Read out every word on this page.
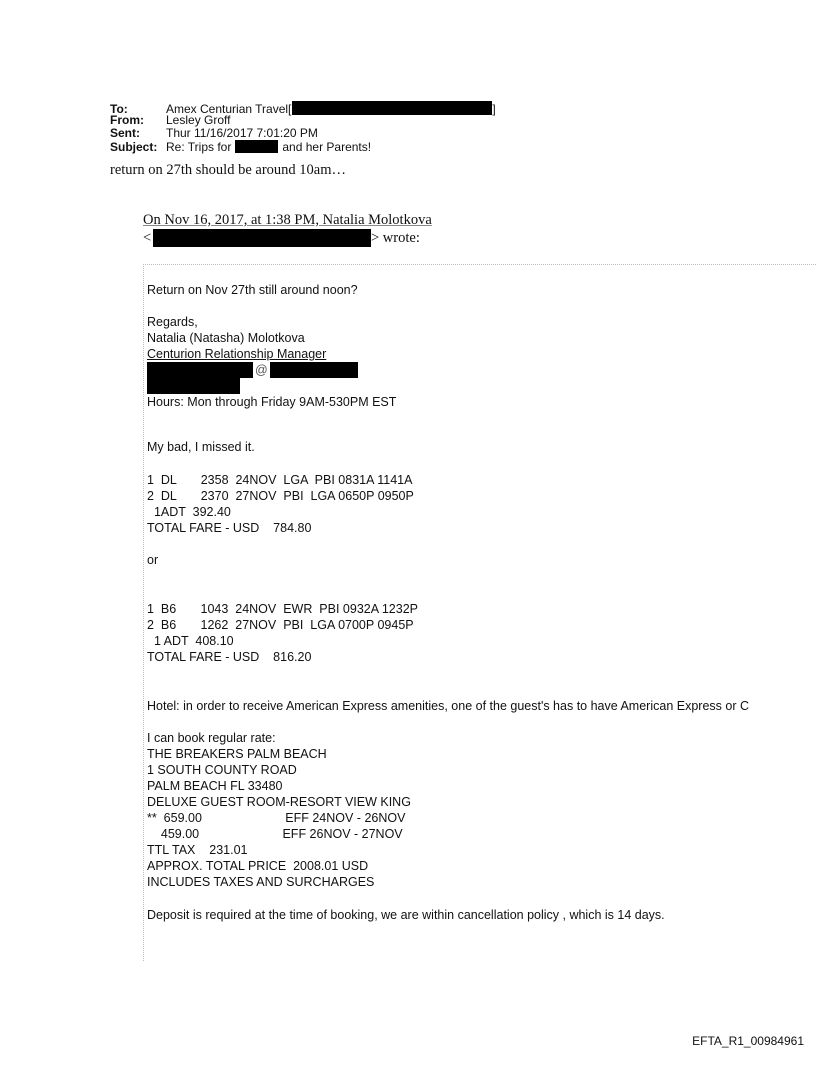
To:	Amex Centurian Travel[	]
From: Lesley Groff
Sent: Thur 11/16/2017 7:01:20 PM
Subject: Re: Trips for	and her Parents!
return on 27th should be around 10am…
On Nov 16, 2017, at 1:38 PM, Natalia Molotkova
<	> wrote:
Return on Nov 27th still around noon?
Regards,
Natalia (Natasha) Molotkova
Centurion Relationship Manager
@
Hours: Mon through Friday 9AM-530PM EST
My bad, I missed it.
1  DL       2358  24NOV  LGA  PBI 0831A 1141A
2  DL       2370  27NOV  PBI  LGA 0650P 0950P
1ADT  392.40
TOTAL FARE - USD    784.80
or
1  B6       1043  24NOV  EWR  PBI 0932A 1232P
2  B6       1262  27NOV  PBI  LGA 0700P 0945P
1 ADT  408.10
TOTAL FARE - USD    816.20
Hotel: in order to receive American Express amenities, one of the guest's has to have American Express or C
I can book regular rate:
THE BREAKERS PALM BEACH
1 SOUTH COUNTY ROAD
PALM BEACH FL 33480
DELUXE GUEST ROOM-RESORT VIEW KING
**  659.00                        EFF 24NOV - 26NOV
459.00                        EFF 26NOV - 27NOV
TTL TAX    231.01
APPROX. TOTAL PRICE  2008.01 USD
INCLUDES TAXES AND SURCHARGES
Deposit is required at the time of booking, we are within cancellation policy , which is 14 days.
EFTA_R1_00984961
